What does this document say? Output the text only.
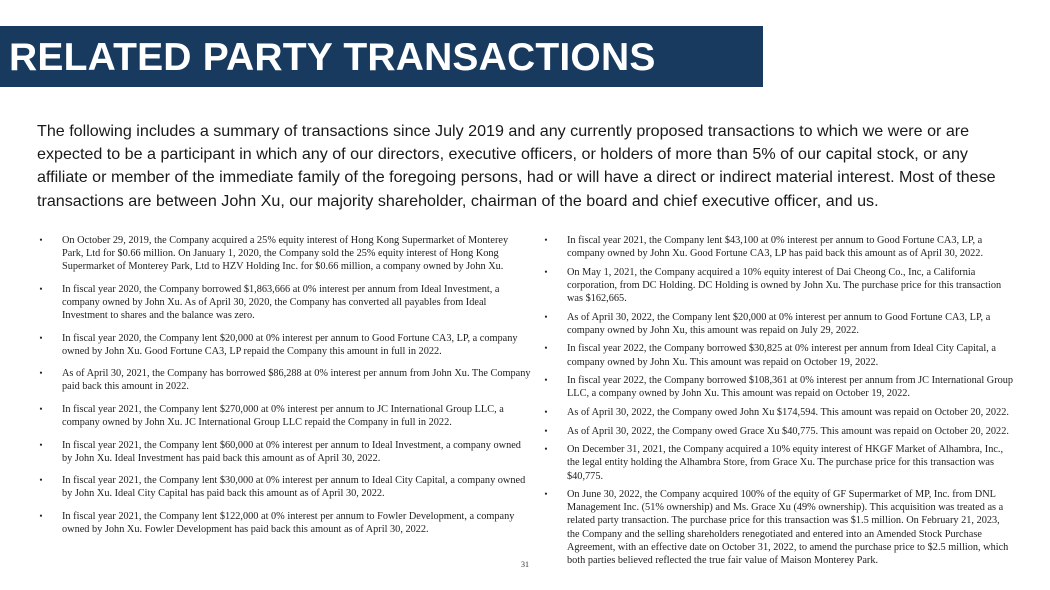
RELATED PARTY TRANSACTIONS

The following includes a summary of transactions since July 2019 and any currently proposed transactions to which we were or are expected to be a participant in which any of our directors, executive officers, or holders of more than 5% of our capital stock, or any affiliate or member of the immediate family of the foregoing persons, had or will have a direct or indirect material interest. Most of these transactions are between John Xu, our majority shareholder, chairman of the board and chief executive officer, and us.

•	On October 29, 2019, the Company acquired a 25% equity interest of Hong Kong Supermarket of Monterey Park, Ltd for $0.66 million. On January 1, 2020, the Company sold the 25% equity interest of Hong Kong Supermarket of Monterey Park, Ltd to HZV Holding Inc. for $0.66 million, a company owned by John Xu.
•	In fiscal year 2020, the Company borrowed $1,863,666 at 0% interest per annum from Ideal Investment, a company owned by John Xu. As of April 30, 2020, the Company has converted all payables from Ideal Investment to shares and the balance was zero.
•	In fiscal year 2020, the Company lent $20,000 at 0% interest per annum to Good Fortune CA3, LP, a company owned by John Xu. Good Fortune CA3, LP repaid the Company this amount in full in 2022.
•	As of April 30, 2021, the Company has borrowed $86,288 at 0% interest per annum from John Xu. The Company paid back this amount in 2022.
•	In fiscal year 2021, the Company lent $270,000 at 0% interest per annum to JC International Group LLC, a company owned by John Xu. JC International Group LLC repaid the Company in full in 2022.
•	In fiscal year 2021, the Company lent $60,000 at 0% interest per annum to Ideal Investment, a company owned by John Xu. Ideal Investment has paid back this amount as of April 30, 2022.
•	In fiscal year 2021, the Company lent $30,000 at 0% interest per annum to Ideal City Capital, a company owned by John Xu. Ideal City Capital has paid back this amount as of April 30, 2022.
•	In fiscal year 2021, the Company lent $122,000 at 0% interest per annum to Fowler Development, a company owned by John Xu. Fowler Development has paid back this amount as of April 30, 2022.
•	In fiscal year 2021, the Company lent $43,100 at 0% interest per annum to Good Fortune CA3, LP, a company owned by John Xu. Good Fortune CA3, LP has paid back this amount as of April 30, 2022.
•	On May 1, 2021, the Company acquired a 10% equity interest of Dai Cheong Co., Inc, a California corporation, from DC Holding. DC Holding is owned by John Xu. The purchase price for this transaction was $162,665.
•	As of April 30, 2022, the Company lent $20,000 at 0% interest per annum to Good Fortune CA3, LP, a company owned by John Xu, this amount was repaid on July 29, 2022.
•	In fiscal year 2022, the Company borrowed $30,825 at 0% interest per annum from Ideal City Capital, a company owned by John Xu. This amount was repaid on October 19, 2022.
•	In fiscal year 2022, the Company borrowed $108,361 at 0% interest per annum from JC International Group LLC, a company owned by John Xu. This amount was repaid on October 19, 2022.
•	As of April 30, 2022, the Company owed John Xu $174,594. This amount was repaid on October 20, 2022.
•	As of April 30, 2022, the Company owed Grace Xu $40,775. This amount was repaid on October 20, 2022.
•	On December 31, 2021, the Company acquired a 10% equity interest of HKGF Market of Alhambra, Inc., the legal entity holding the Alhambra Store, from Grace Xu. The purchase price for this transaction was $40,775.
•	On June 30, 2022, the Company acquired 100% of the equity of GF Supermarket of MP, Inc. from DNL Management Inc. (51% ownership) and Ms. Grace Xu (49% ownership). This acquisition was treated as a related party transaction. The purchase price for this transaction was $1.5 million. On February 21, 2023, the Company and the selling shareholders renegotiated and entered into an Amended Stock Purchase Agreement, with an effective date on October 31, 2022, to amend the purchase price to $2.5 million, which both parties believed reflected the true fair value of Maison Monterey Park.
31
